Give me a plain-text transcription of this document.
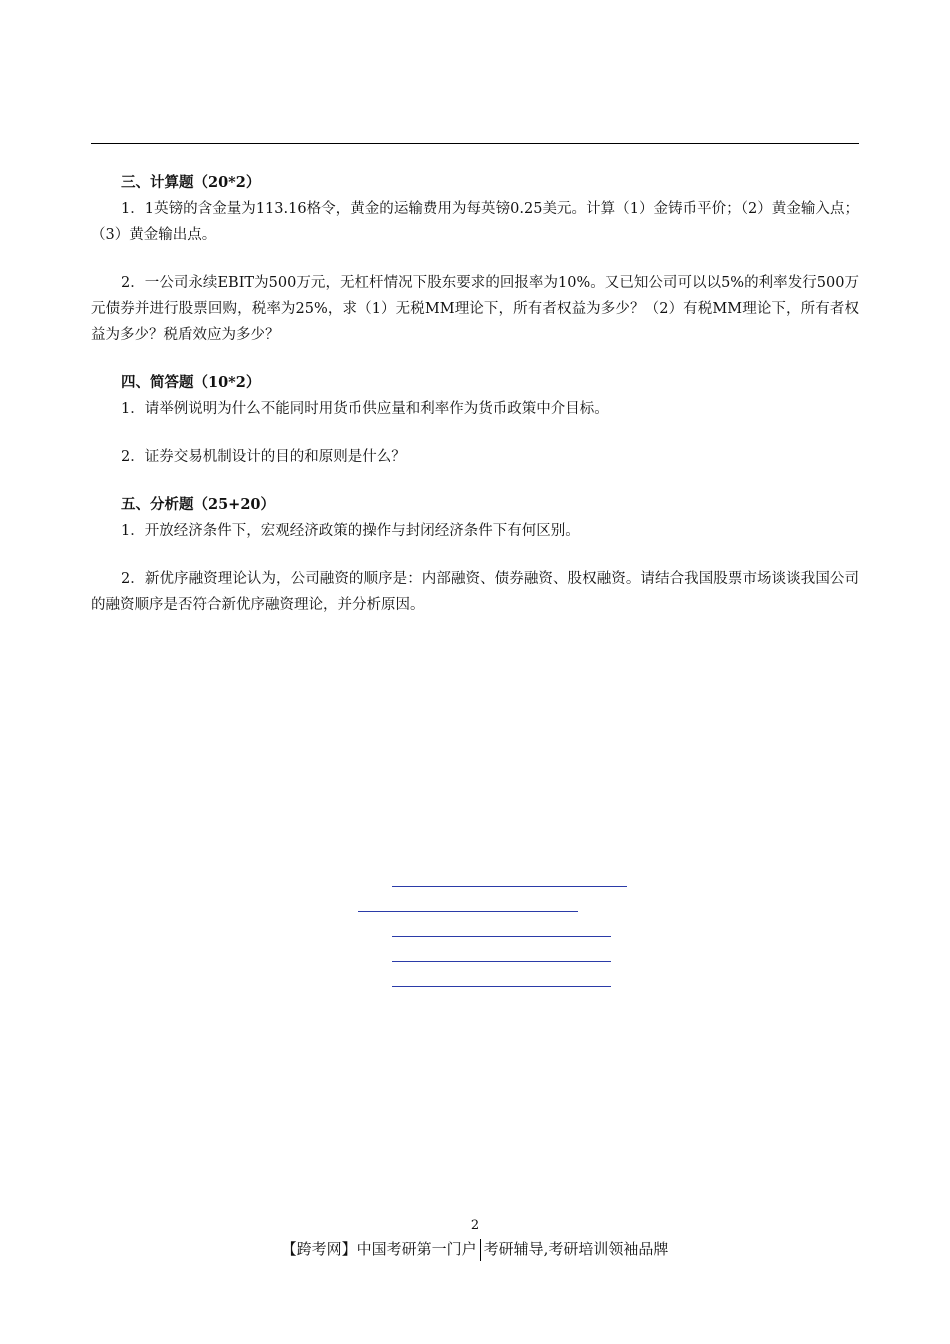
三、计算题（20*2）

1．1英镑的含金量为113.16格令，黄金的运输费用为每英镑0.25美元。计算（1）金铸币平价；（2）黄金输入点；（3）黄金输出点。

2．一公司永续EBIT为500万元，无杠杆情况下股东要求的回报率为10%。又已知公司可以以5%的利率发行500万元债券并进行股票回购，税率为25%，求（1）无税MM理论下，所有者权益为多少？（2）有税MM理论下，所有者权益为多少？税盾效应为多少？

四、简答题（10*2）

1．请举例说明为什么不能同时用货币供应量和利率作为货币政策中介目标。

2．证券交易机制设计的目的和原则是什么？

五、分析题（25+20）

1．开放经济条件下，宏观经济政策的操作与封闭经济条件下有何区别。

2．新优序融资理论认为，公司融资的顺序是：内部融资、债券融资、股权融资。请结合我国股票市场谈谈我国公司的融资顺序是否符合新优序融资理论，并分析原因。

2
【跨考网】中国考研第一门户 考研辅导,考研培训领袖品牌
